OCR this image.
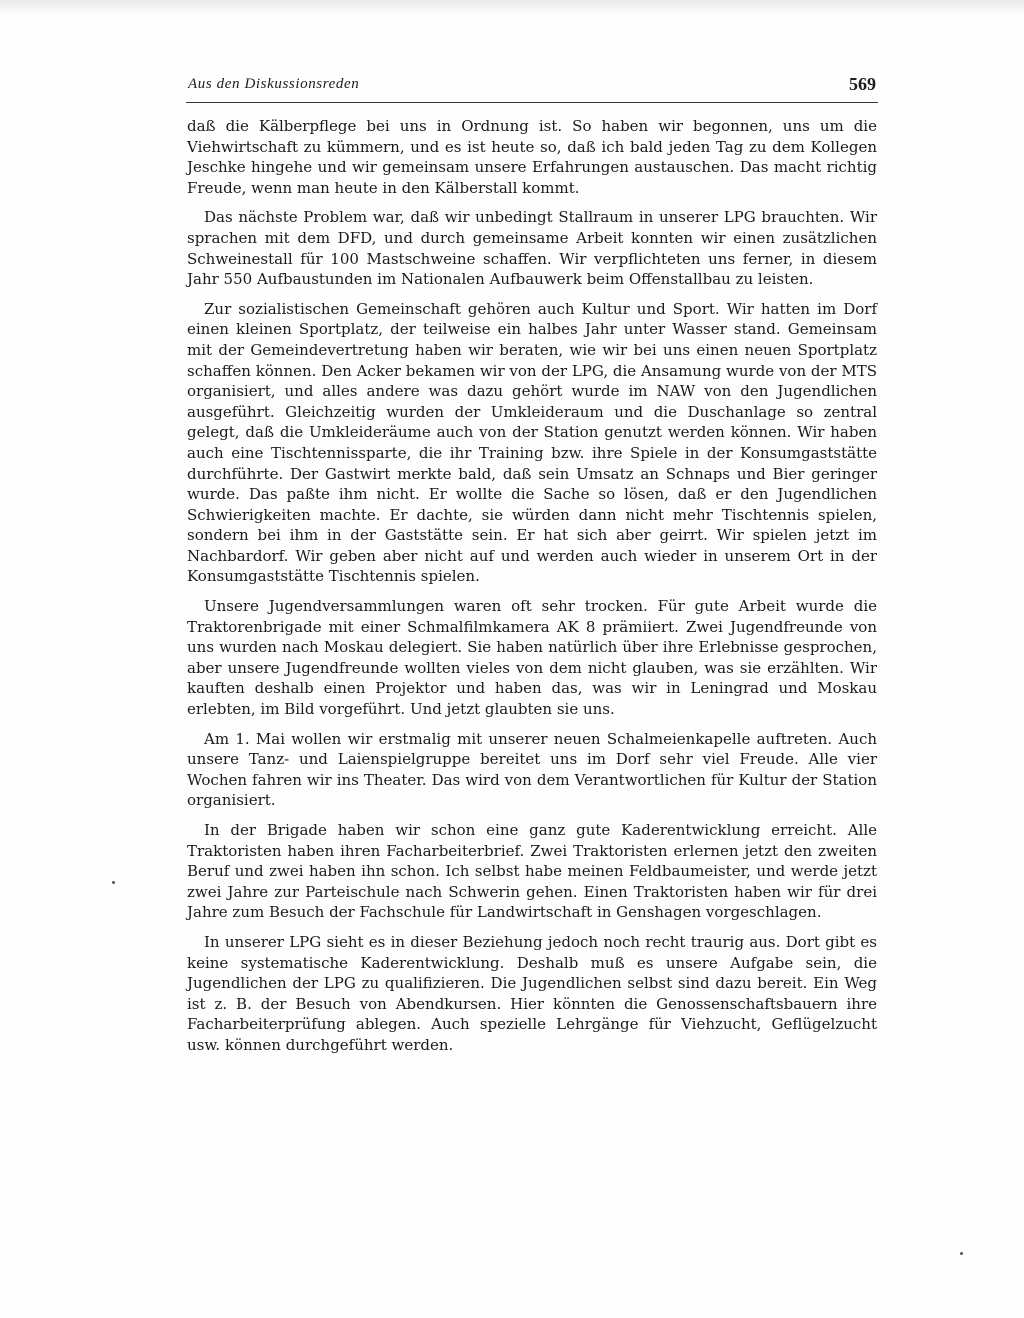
Aus den Diskussionsreden	569

daß die Kälberpflege bei uns in Ordnung ist. So haben wir begonnen, uns um die Viehwirtschaft zu kümmern, und es ist heute so, daß ich bald jeden Tag zu dem Kollegen Jeschke hingehe und wir gemeinsam unsere Erfahrungen austauschen. Das macht richtig Freude, wenn man heute in den Kälberstall kommt.

Das nächste Problem war, daß wir unbedingt Stallraum in unserer LPG brauchten. Wir sprachen mit dem DFD, und durch gemeinsame Arbeit konnten wir einen zusätzlichen Schweinestall für 100 Mastschweine schaffen. Wir verpflichteten uns ferner, in diesem Jahr 550 Aufbaustunden im Nationalen Aufbauwerk beim Offenstallbau zu leisten.

Zur sozialistischen Gemeinschaft gehören auch Kultur und Sport. Wir hatten im Dorf einen kleinen Sportplatz, der teilweise ein halbes Jahr unter Wasser stand. Gemeinsam mit der Gemeindevertretung haben wir beraten, wie wir bei uns einen neuen Sportplatz schaffen können. Den Acker bekamen wir von der LPG, die Ansamung wurde von der MTS organisiert, und alles andere was dazu gehört wurde im NAW von den Jugendlichen ausgeführt. Gleichzeitig wurden der Umkleideraum und die Duschanlage so zentral gelegt, daß die Umkleideräume auch von der Station genutzt werden können. Wir haben auch eine Tischtennissparte, die ihr Training bzw. ihre Spiele in der Konsumgaststätte durchführte. Der Gastwirt merkte bald, daß sein Umsatz an Schnaps und Bier geringer wurde. Das paßte ihm nicht. Er wollte die Sache so lösen, daß er den Jugendlichen Schwierigkeiten machte. Er dachte, sie würden dann nicht mehr Tischtennis spielen, sondern bei ihm in der Gaststätte sein. Er hat sich aber geirrt. Wir spielen jetzt im Nachbardorf. Wir geben aber nicht auf und werden auch wieder in unserem Ort in der Konsumgaststätte Tischtennis spielen.

Unsere Jugendversammlungen waren oft sehr trocken. Für gute Arbeit wurde die Traktorenbrigade mit einer Schmalfilmkamera AK 8 prämiiert. Zwei Jugendfreunde von uns wurden nach Moskau delegiert. Sie haben natürlich über ihre Erlebnisse gesprochen, aber unsere Jugendfreunde wollten vieles von dem nicht glauben, was sie erzählten. Wir kauften deshalb einen Projektor und haben das, was wir in Leningrad und Moskau erlebten, im Bild vorgeführt. Und jetzt glaubten sie uns.

Am 1. Mai wollen wir erstmalig mit unserer neuen Schalmeienkapelle auftreten. Auch unsere Tanz- und Laienspielgruppe bereitet uns im Dorf sehr viel Freude. Alle vier Wochen fahren wir ins Theater. Das wird von dem Verantwortlichen für Kultur der Station organisiert.

In der Brigade haben wir schon eine ganz gute Kaderentwicklung erreicht. Alle Traktoristen haben ihren Facharbeiterbrief. Zwei Traktoristen erlernen jetzt den zweiten Beruf und zwei haben ihn schon. Ich selbst habe meinen Feldbaumeister, und werde jetzt zwei Jahre zur Parteischule nach Schwerin gehen. Einen Traktoristen haben wir für drei Jahre zum Besuch der Fachschule für Landwirtschaft in Genshagen vorgeschlagen.

In unserer LPG sieht es in dieser Beziehung jedoch noch recht traurig aus. Dort gibt es keine systematische Kaderentwicklung. Deshalb muß es unsere Aufgabe sein, die Jugendlichen der LPG zu qualifizieren. Die Jugendlichen selbst sind dazu bereit. Ein Weg ist z. B. der Besuch von Abendkursen. Hier könnten die Genossenschaftsbauern ihre Facharbeiterprüfung ablegen. Auch spezielle Lehrgänge für Viehzucht, Geflügelzucht usw. können durchgeführt werden.
